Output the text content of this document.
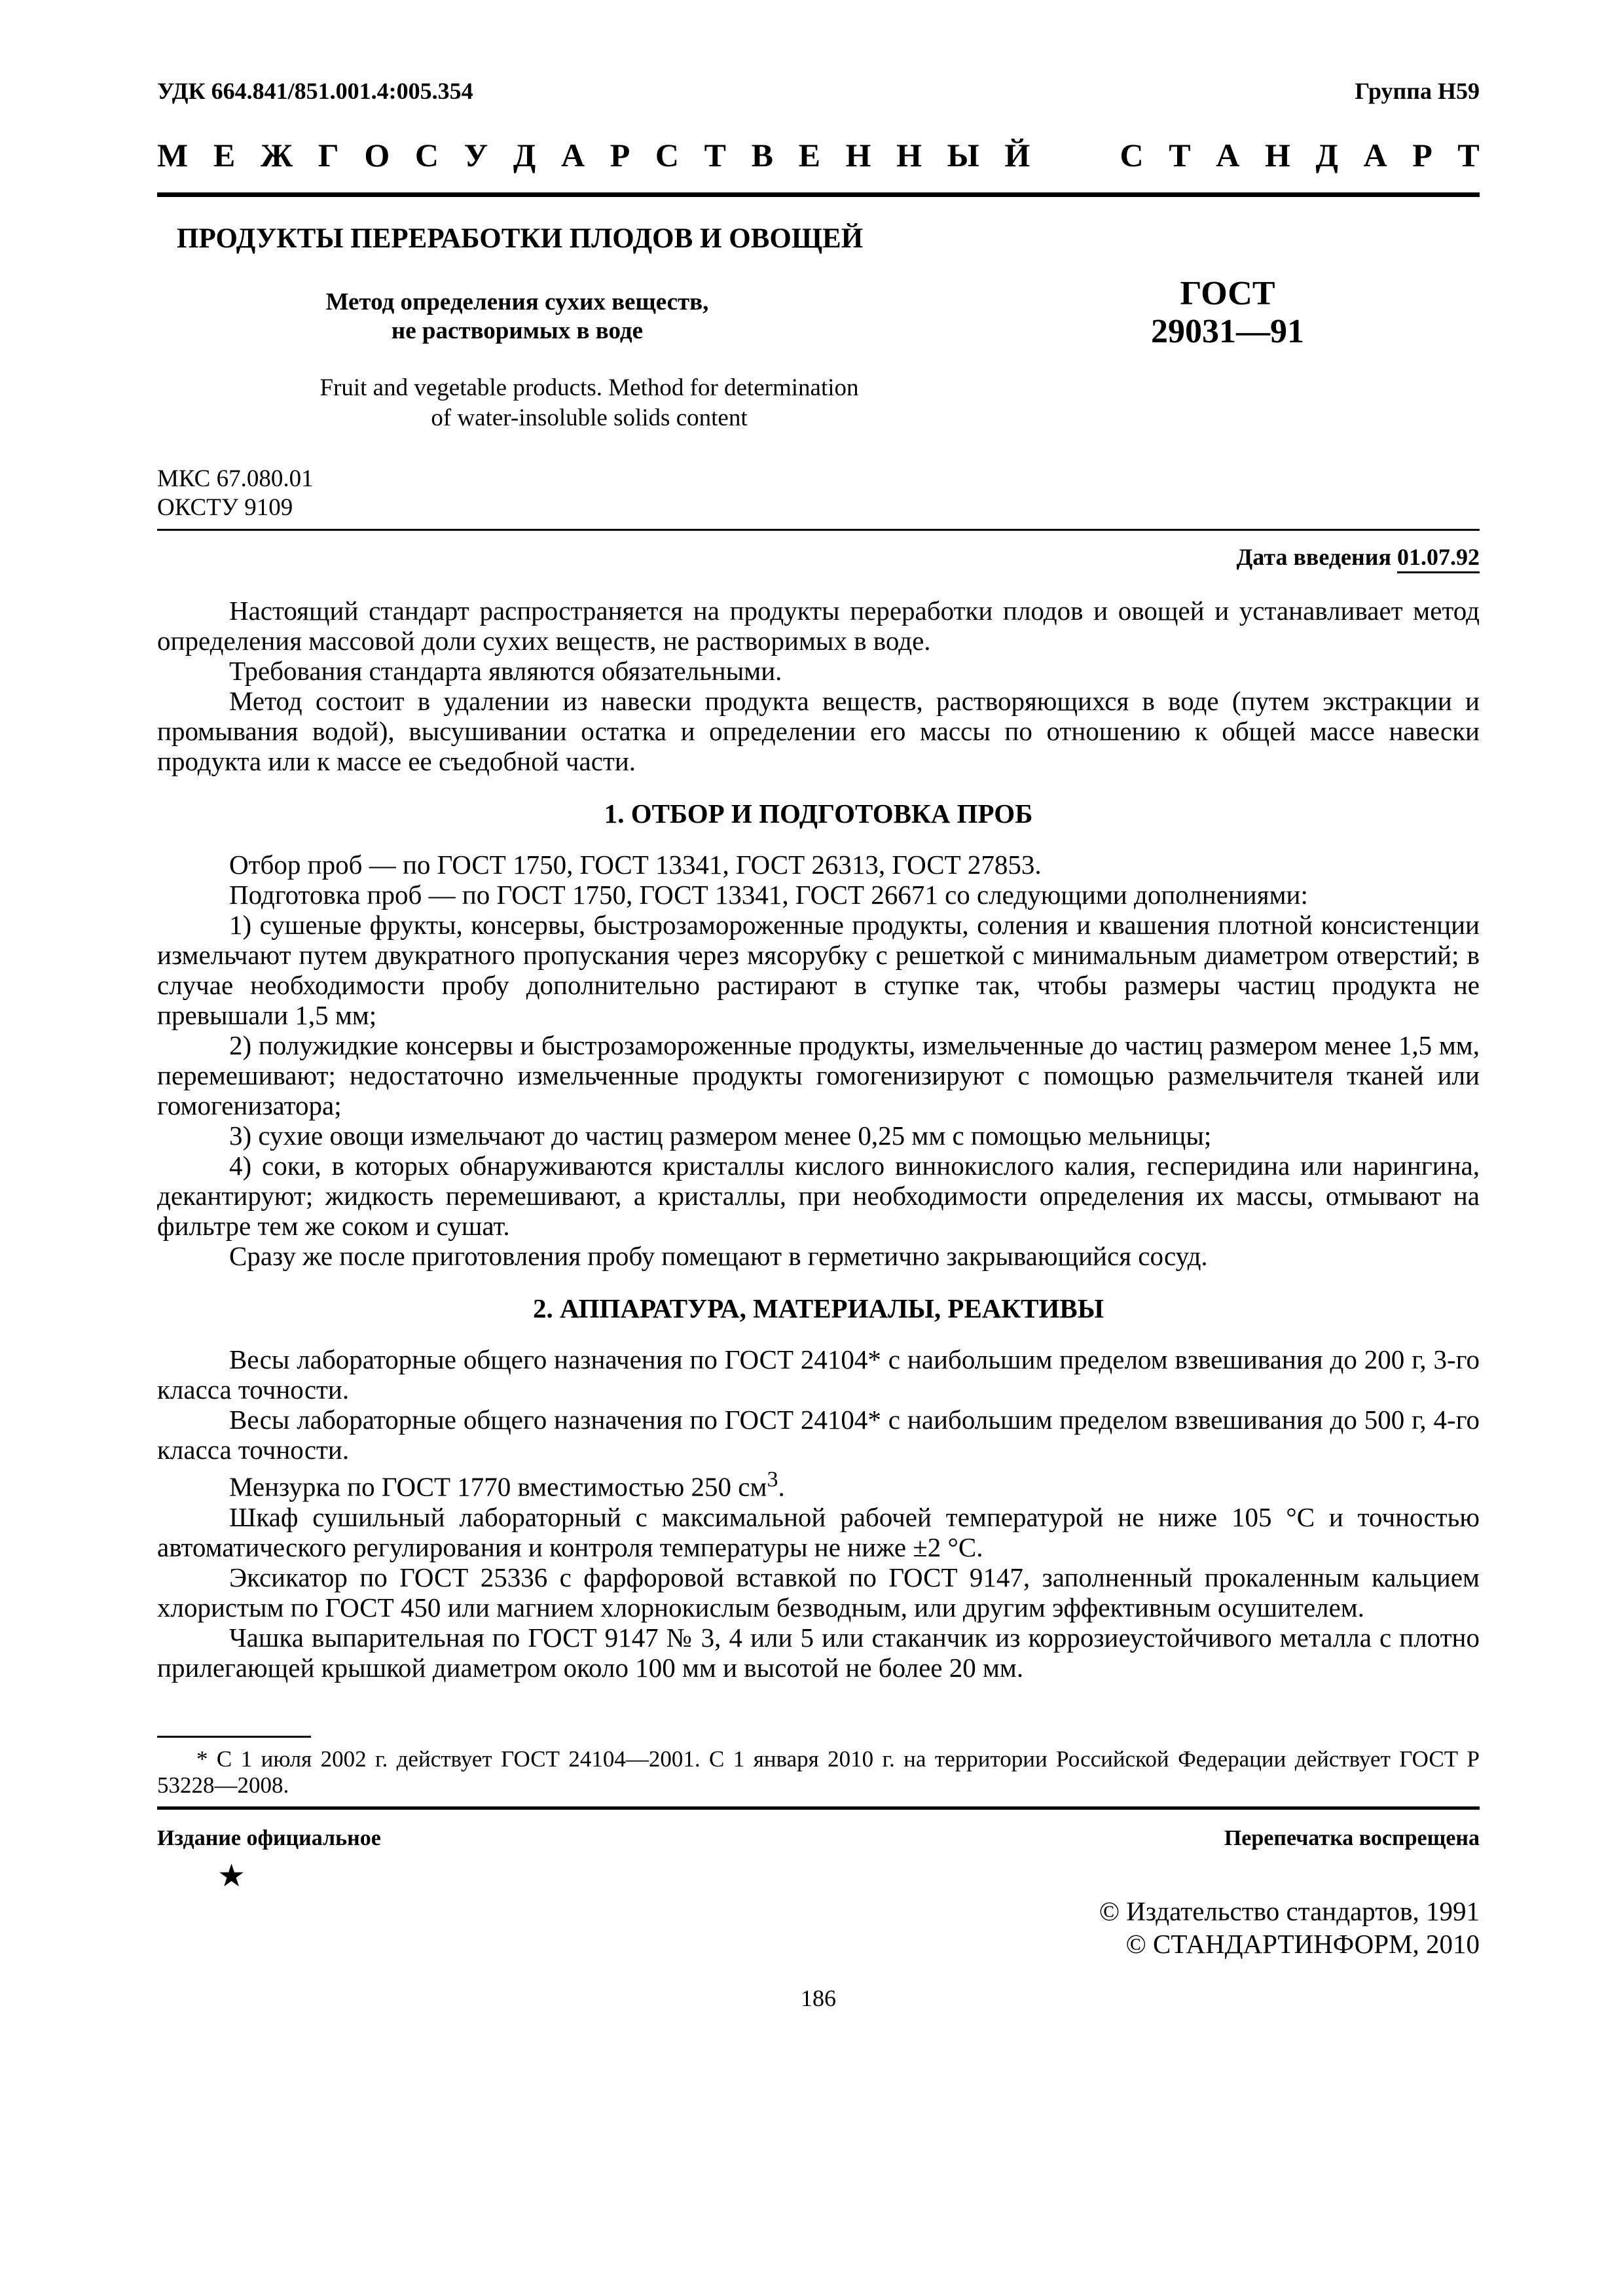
УДК 664.841/851.001.4:005.354	Группа Н59
М Е Ж Г О С У Д А Р С Т В Е Н Н Ы Й	С Т А Н Д А Р Т
ПРОДУКТЫ ПЕРЕРАБОТКИ ПЛОДОВ И ОВОЩЕЙ
Метод определения сухих веществ,
не растворимых в воде
ГОСТ
29031—91
Fruit and vegetable products. Method for determination
of water-insoluble solids content
МКС 67.080.01
ОКСТУ 9109
Дата введения 01.07.92

Настоящий стандарт распространяется на продукты переработки плодов и овощей и устанавливает метод определения массовой доли сухих веществ, не растворимых в воде.

Требования стандарта являются обязательными.

Метод состоит в удалении из навески продукта веществ, растворяющихся в воде (путем экстракции и промывания водой), высушивании остатка и определении его массы по отношению к общей массе навески продукта или к массе ее съедобной части.

1. ОТБОР И ПОДГОТОВКА ПРОБ

Отбор проб — по ГОСТ 1750, ГОСТ 13341, ГОСТ 26313, ГОСТ 27853.

Подготовка проб — по ГОСТ 1750, ГОСТ 13341, ГОСТ 26671 со следующими дополнениями:

1) сушеные фрукты, консервы, быстрозамороженные продукты, соления и квашения плотной консистенции измельчают путем двукратного пропускания через мясорубку с решеткой с минимальным диаметром отверстий; в случае необходимости пробу дополнительно растирают в ступке так, чтобы размеры частиц продукта не превышали 1,5 мм;

2) полужидкие консервы и быстрозамороженные продукты, измельченные до частиц размером менее 1,5 мм, перемешивают; недостаточно измельченные продукты гомогенизируют с помощью размельчителя тканей или гомогенизатора;

3) сухие овощи измельчают до частиц размером менее 0,25 мм с помощью мельницы;

4) соки, в которых обнаруживаются кристаллы кислого виннокислого калия, гесперидина или нарингина, декантируют; жидкость перемешивают, а кристаллы, при необходимости определения их массы, отмывают на фильтре тем же соком и сушат.

Сразу же после приготовления пробу помещают в герметично закрывающийся сосуд.

2. АППАРАТУРА, МАТЕРИАЛЫ, РЕАКТИВЫ

Весы лабораторные общего назначения по ГОСТ 24104* с наибольшим пределом взвешивания до 200 г, 3-го класса точности.

Весы лабораторные общего назначения по ГОСТ 24104* с наибольшим пределом взвешивания до 500 г, 4-го класса точности.

Мензурка по ГОСТ 1770 вместимостью 250 $см^3$.

Шкаф сушильный лабораторный с максимальной рабочей температурой не ниже 105 °С и точностью автоматического регулирования и контроля температуры не ниже ±2 °С.

Эксикатор по ГОСТ 25336 с фарфоровой вставкой по ГОСТ 9147, заполненный прокаленным кальцием хлористым по ГОСТ 450 или магнием хлорнокислым безводным, или другим эффективным осушителем.

Чашка выпарительная по ГОСТ 9147 № 3, 4 или 5 или стаканчик из коррозиеустойчивого металла с плотно прилегающей крышкой диаметром около 100 мм и высотой не более 20 мм.

* С 1 июля 2002 г. действует ГОСТ 24104—2001. С 1 января 2010 г. на территории Российской Федерации действует ГОСТ Р 53228—2008.
Издание официальное	Перепечатка воспрещена
★
© Издательство стандартов, 1991
© СТАНДАРТИНФОРМ, 2010
186
